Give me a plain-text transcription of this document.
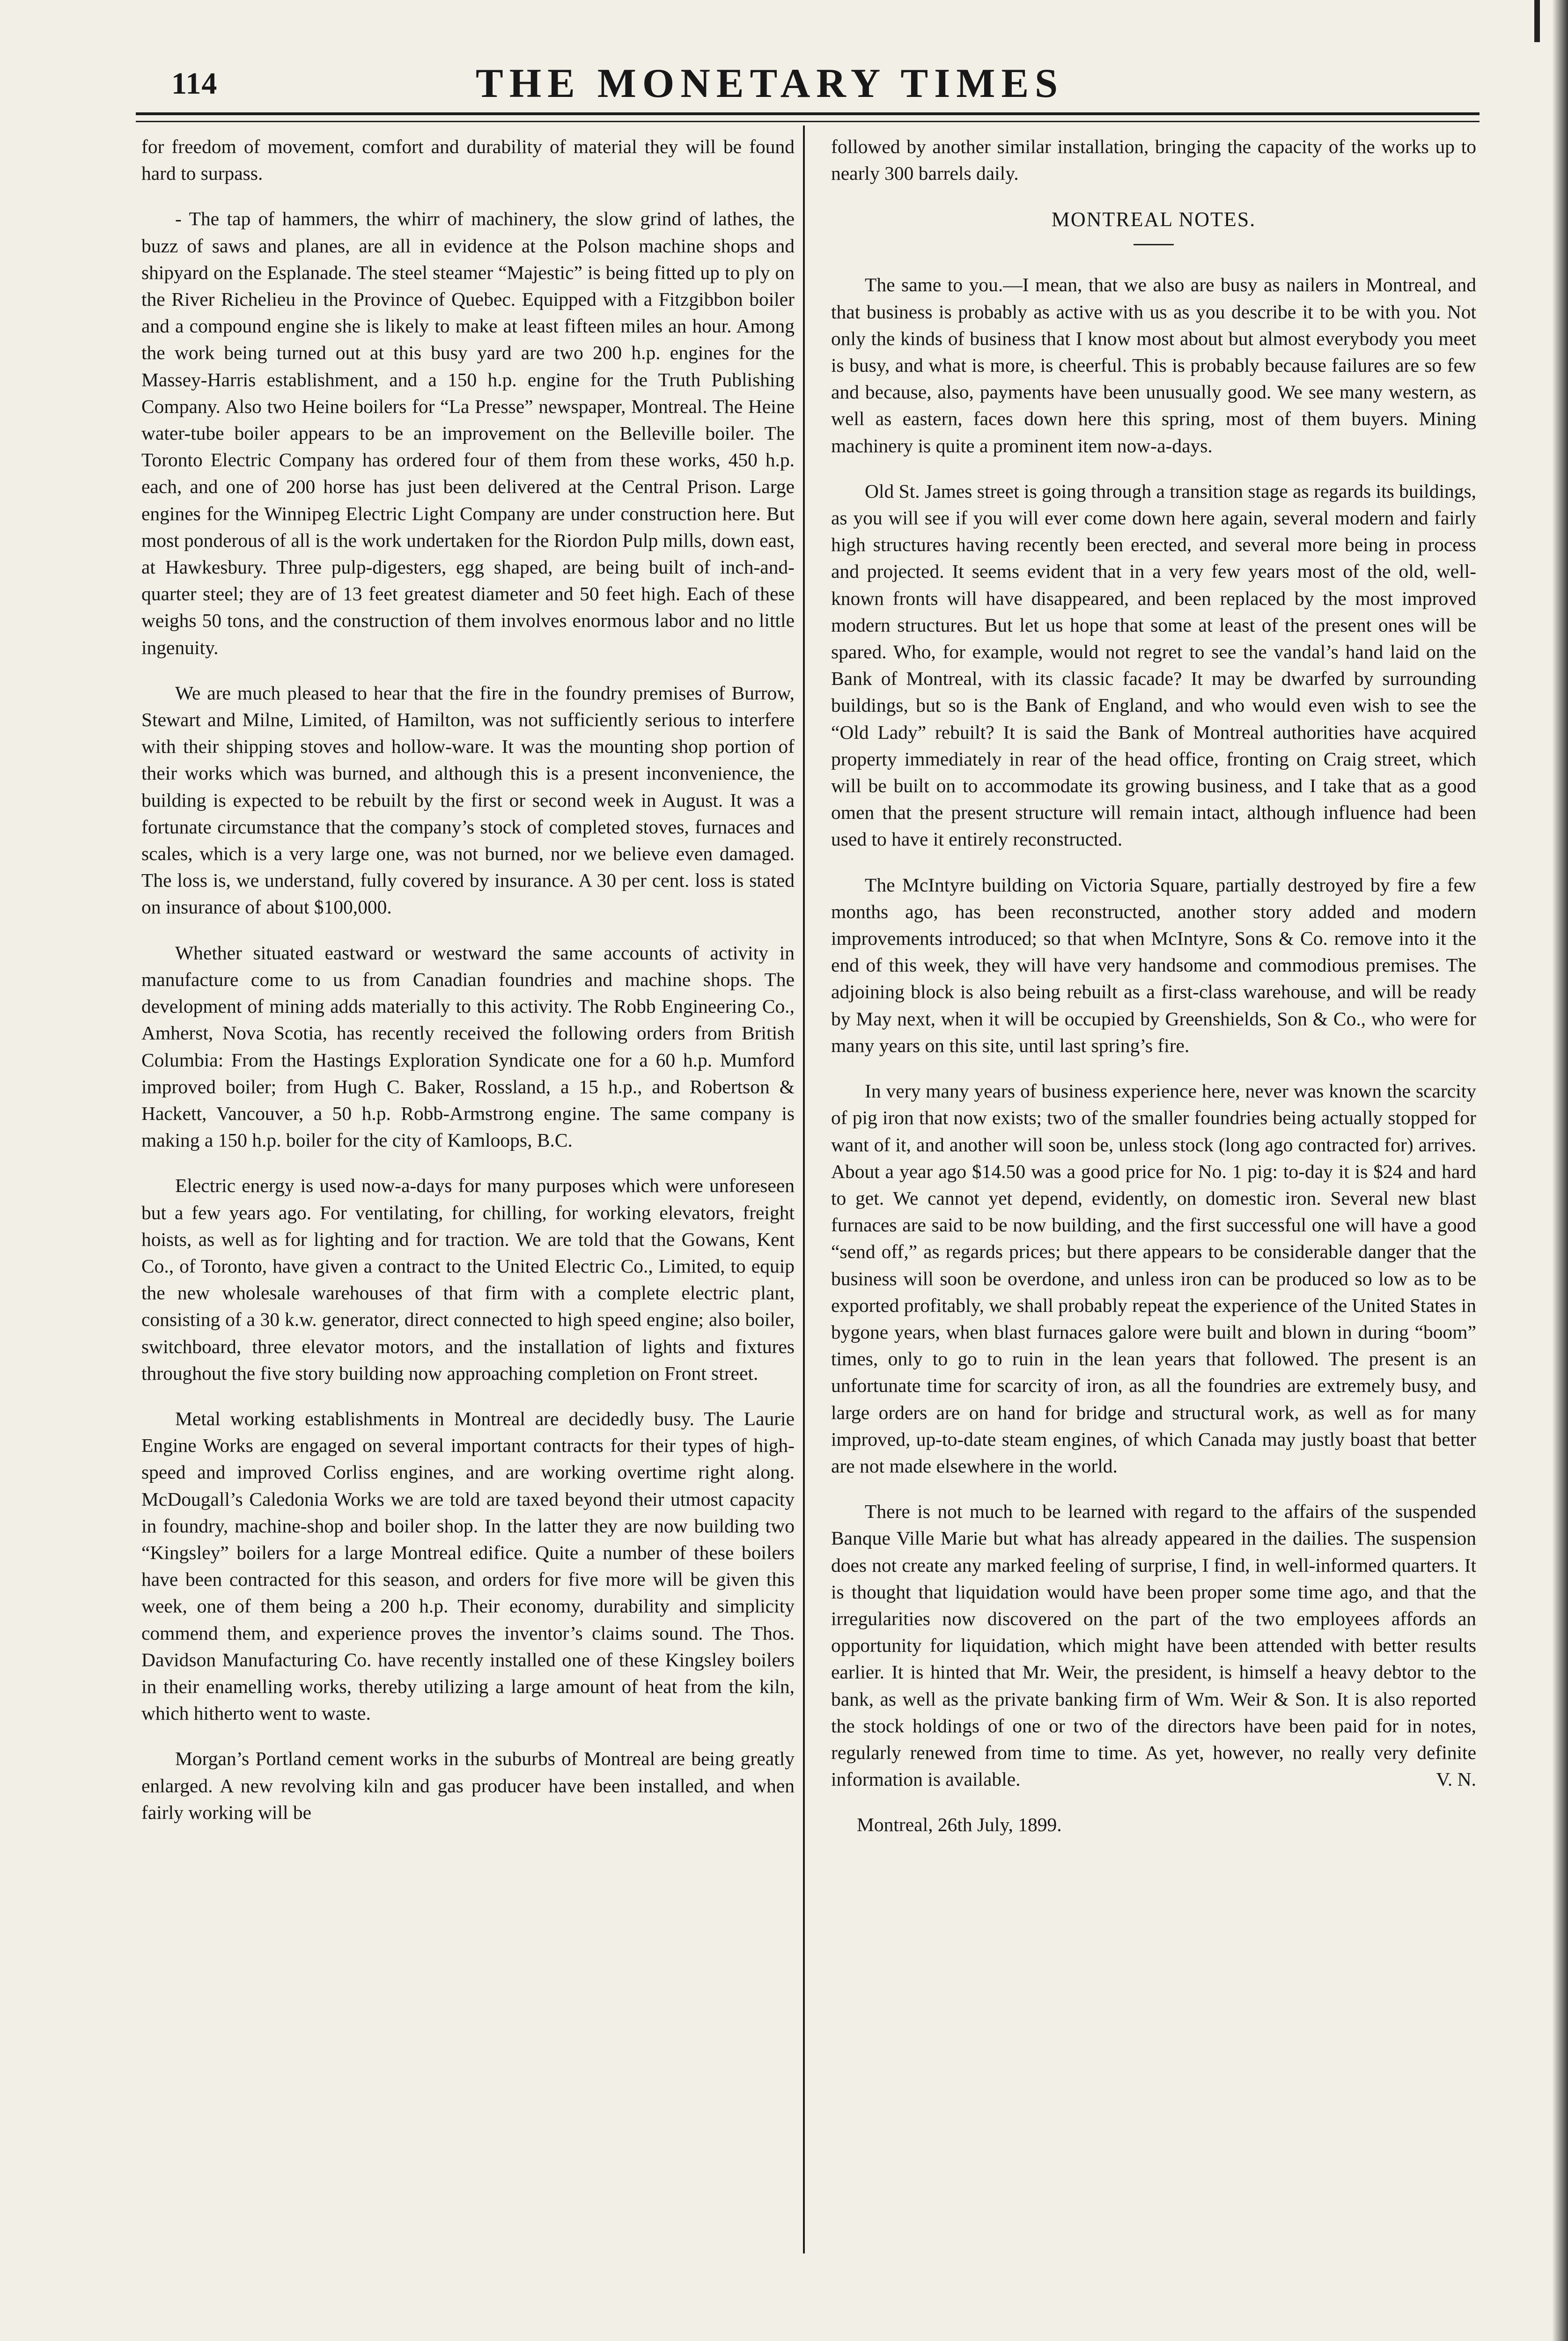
114	THE MONETARY TIMES

for freedom of movement, comfort and durability of material they will be found hard to surpass.

- The tap of hammers, the whirr of machinery, the slow grind of lathes, the buzz of saws and planes, are all in evidence at the Polson machine shops and shipyard on the Esplanade. The steel steamer “Majestic” is being fitted up to ply on the River Richelieu in the Province of Quebec. Equipped with a Fitzgibbon boiler and a compound engine she is likely to make at least fifteen miles an hour. Among the work being turned out at this busy yard are two 200 h.p. engines for the Massey-Harris establishment, and a 150 h.p. engine for the Truth Publishing Company. Also two Heine boilers for “La Presse” newspaper, Montreal. The Heine water-tube boiler appears to be an improvement on the Belleville boiler. The Toronto Electric Company has ordered four of them from these works, 450 h.p. each, and one of 200 horse has just been delivered at the Central Prison. Large engines for the Winnipeg Electric Light Company are under construction here. But most ponderous of all is the work undertaken for the Riordon Pulp mills, down east, at Hawkesbury. Three pulp-digesters, egg shaped, are being built of inch-and-quarter steel; they are of 13 feet greatest diameter and 50 feet high. Each of these weighs 50 tons, and the construction of them involves enormous labor and no little ingenuity.

We are much pleased to hear that the fire in the foundry premises of Burrow, Stewart and Milne, Limited, of Hamilton, was not sufficiently serious to interfere with their shipping stoves and hollow-ware. It was the mounting shop portion of their works which was burned, and although this is a present inconvenience, the building is expected to be rebuilt by the first or second week in August. It was a fortunate circumstance that the company’s stock of completed stoves, furnaces and scales, which is a very large one, was not burned, nor we believe even damaged. The loss is, we understand, fully covered by insurance. A 30 per cent. loss is stated on insurance of about $100,000.

Whether situated eastward or westward the same accounts of activity in manufacture come to us from Canadian foundries and machine shops. The development of mining adds materially to this activity. The Robb Engineering Co., Amherst, Nova Scotia, has recently received the following orders from British Columbia: From the Hastings Exploration Syndicate one for a 60 h.p. Mumford improved boiler; from Hugh C. Baker, Rossland, a 15 h.p., and Robertson & Hackett, Vancouver, a 50 h.p. Robb-Armstrong engine. The same company is making a 150 h.p. boiler for the city of Kamloops, B.C.

Electric energy is used now-a-days for many purposes which were unforeseen but a few years ago. For ventilating, for chilling, for working elevators, freight hoists, as well as for lighting and for traction. We are told that the Gowans, Kent Co., of Toronto, have given a contract to the United Electric Co., Limited, to equip the new wholesale warehouses of that firm with a complete electric plant, consisting of a 30 k.w. generator, direct connected to high speed engine; also boiler, switchboard, three elevator motors, and the installation of lights and fixtures throughout the five story building now approaching completion on Front street.

Metal working establishments in Montreal are decidedly busy. The Laurie Engine Works are engaged on several important contracts for their types of high-speed and improved Corliss engines, and are working overtime right along. McDougall’s Caledonia Works we are told are taxed beyond their utmost capacity in foundry, machine-shop and boiler shop. In the latter they are now building two “Kingsley” boilers for a large Montreal edifice. Quite a number of these boilers have been contracted for this season, and orders for five more will be given this week, one of them being a 200 h.p. Their economy, durability and simplicity commend them, and experience proves the inventor’s claims sound. The Thos. Davidson Manufacturing Co. have recently installed one of these Kingsley boilers in their enamelling works, thereby utilizing a large amount of heat from the kiln, which hitherto went to waste.

Morgan’s Portland cement works in the suburbs of Montreal are being greatly enlarged. A new revolving kiln and gas producer have been installed, and when fairly working will be

followed by another similar installation, bringing the capacity of the works up to nearly 300 barrels daily.

MONTREAL NOTES.

The same to you.—I mean, that we also are busy as nailers in Montreal, and that business is probably as active with us as you describe it to be with you. Not only the kinds of business that I know most about but almost everybody you meet is busy, and what is more, is cheerful. This is probably because failures are so few and because, also, payments have been unusually good. We see many western, as well as eastern, faces down here this spring, most of them buyers. Mining machinery is quite a prominent item now-a-days.

Old St. James street is going through a transition stage as regards its buildings, as you will see if you will ever come down here again, several modern and fairly high structures having recently been erected, and several more being in process and projected. It seems evident that in a very few years most of the old, well-known fronts will have disappeared, and been replaced by the most improved modern structures. But let us hope that some at least of the present ones will be spared. Who, for example, would not regret to see the vandal’s hand laid on the Bank of Montreal, with its classic facade? It may be dwarfed by surrounding buildings, but so is the Bank of England, and who would even wish to see the “Old Lady” rebuilt? It is said the Bank of Montreal authorities have acquired property immediately in rear of the head office, fronting on Craig street, which will be built on to accommodate its growing business, and I take that as a good omen that the present structure will remain intact, although influence had been used to have it entirely reconstructed.

The McIntyre building on Victoria Square, partially destroyed by fire a few months ago, has been reconstructed, another story added and modern improvements introduced; so that when McIntyre, Sons & Co. remove into it the end of this week, they will have very handsome and commodious premises. The adjoining block is also being rebuilt as a first-class warehouse, and will be ready by May next, when it will be occupied by Greenshields, Son & Co., who were for many years on this site, until last spring’s fire.

In very many years of business experience here, never was known the scarcity of pig iron that now exists; two of the smaller foundries being actually stopped for want of it, and another will soon be, unless stock (long ago contracted for) arrives. About a year ago $14.50 was a good price for No. 1 pig: to-day it is $24 and hard to get. We cannot yet depend, evidently, on domestic iron. Several new blast furnaces are said to be now building, and the first successful one will have a good “send off,” as regards prices; but there appears to be considerable danger that the business will soon be overdone, and unless iron can be produced so low as to be exported profitably, we shall probably repeat the experience of the United States in bygone years, when blast furnaces galore were built and blown in during “boom” times, only to go to ruin in the lean years that followed. The present is an unfortunate time for scarcity of iron, as all the foundries are extremely busy, and large orders are on hand for bridge and structural work, as well as for many improved, up-to-date steam engines, of which Canada may justly boast that better are not made elsewhere in the world.

There is not much to be learned with regard to the affairs of the suspended Banque Ville Marie but what has already appeared in the dailies. The suspension does not create any marked feeling of surprise, I find, in well-informed quarters. It is thought that liquidation would have been proper some time ago, and that the irregularities now discovered on the part of the two employees affords an opportunity for liquidation, which might have been attended with better results earlier. It is hinted that Mr. Weir, the president, is himself a heavy debtor to the bank, as well as the private banking firm of Wm. Weir & Son. It is also reported the stock holdings of one or two of the directors have been paid for in notes, regularly renewed from time to time. As yet, however, no really very definite information is available.	V. N.
Montreal, 26th July, 1899.
